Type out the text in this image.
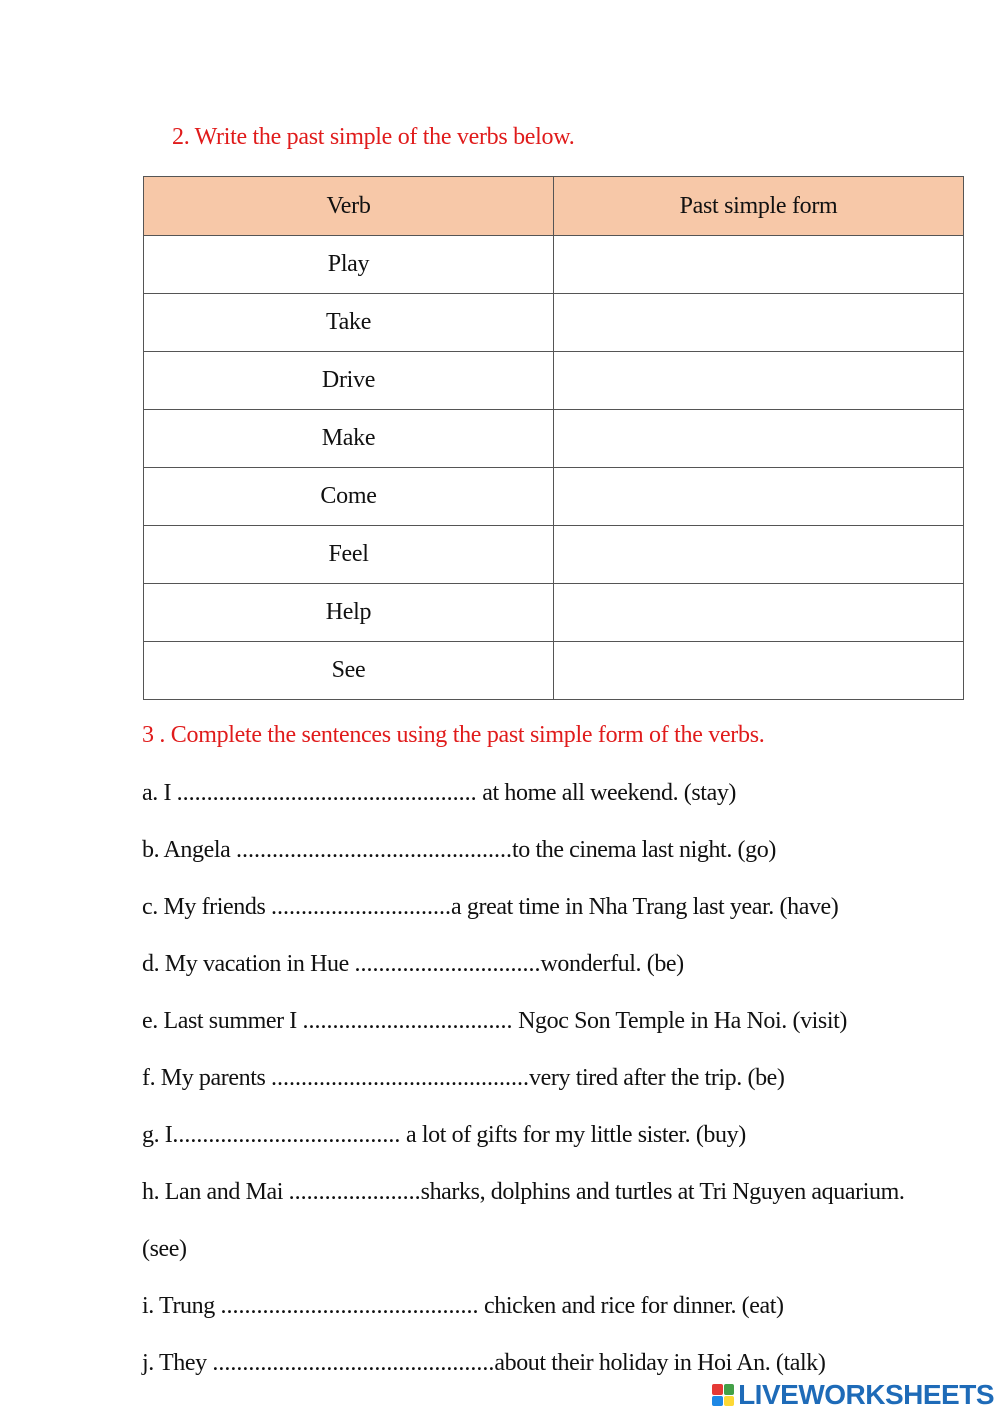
2. Write the past simple of the verbs below.
Verb	Past simple form
Play	
Take	
Drive	
Make	
Come	
Feel	
Help	
See	
3 . Complete the sentences using the past simple form of the verbs.
a. I .................................................. at home all weekend. (stay)
b. Angela ..............................................to the cinema last night. (go)
c. My friends ..............................a great time in Nha Trang last year. (have)
d. My vacation in Hue ...............................wonderful. (be)
e. Last summer I ................................... Ngoc Son Temple in Ha Noi. (visit)
f. My parents ...........................................very tired after the trip. (be)
g. I...................................... a lot of gifts for my little sister. (buy)
h. Lan and Mai ......................sharks, dolphins and turtles at Tri Nguyen aquarium.
(see)
i. Trung ........................................... chicken and rice for dinner. (eat)
j. They ...............................................about their holiday in Hoi An. (talk)
LIVEWORKSHEETS
